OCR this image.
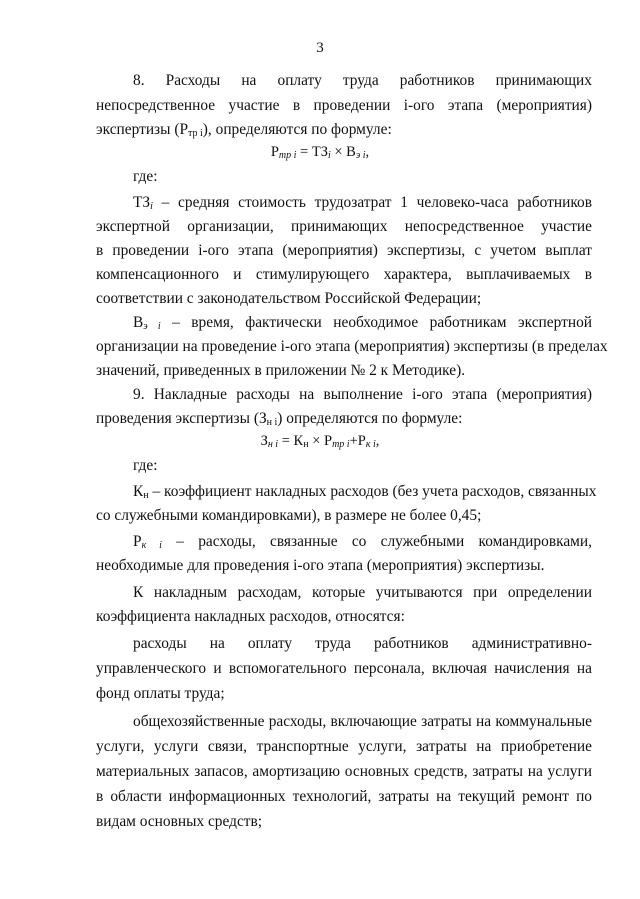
3
8. Расходы на оплату труда работников принимающих
непосредственное участие в проведении i-ого этапа (мероприятия)
экспертизы (Ртр i), определяются по формуле:
$Р_{тр i} = ТЗ_i \times В_{э i}$,
где:
$ТЗ_i$ – средняя стоимость трудозатрат 1 человеко-часа работников
экспертной организации, принимающих непосредственное участие
в проведении i-ого этапа (мероприятия) экспертизы, с учетом выплат
компенсационного и стимулирующего характера, выплачиваемых в
соответствии с законодательством Российской Федерации;
$В_{э i}$ – время, фактически необходимое работникам экспертной
организации на проведение i-ого этапа (мероприятия) экспертизы (в пределах
значений, приведенных в приложении № 2 к Методике).
9. Накладные расходы на выполнение i-ого этапа (мероприятия)
проведения экспертизы (Зн i) определяются по формуле:
$З_{н i}$ = Кн × $Р_{тр i}+Р_{к i}$,
где:
Кн – коэффициент накладных расходов (без учета расходов, связанных
со служебными командировками), в размере не более 0,45;
$Р_{к i}$ – расходы, связанные со служебными командировками,
необходимые для проведения i-ого этапа (мероприятия) экспертизы.
К накладным расходам, которые учитываются при определении
коэффициента накладных расходов, относятся:
расходы на оплату труда работников административно-
управленческого и вспомогательного персонала, включая начисления на
фонд оплаты труда;
общехозяйственные расходы, включающие затраты на коммунальные
услуги, услуги связи, транспортные услуги, затраты на приобретение
материальных запасов, амортизацию основных средств, затраты на услуги
в области информационных технологий, затраты на текущий ремонт по
видам основных средств;
